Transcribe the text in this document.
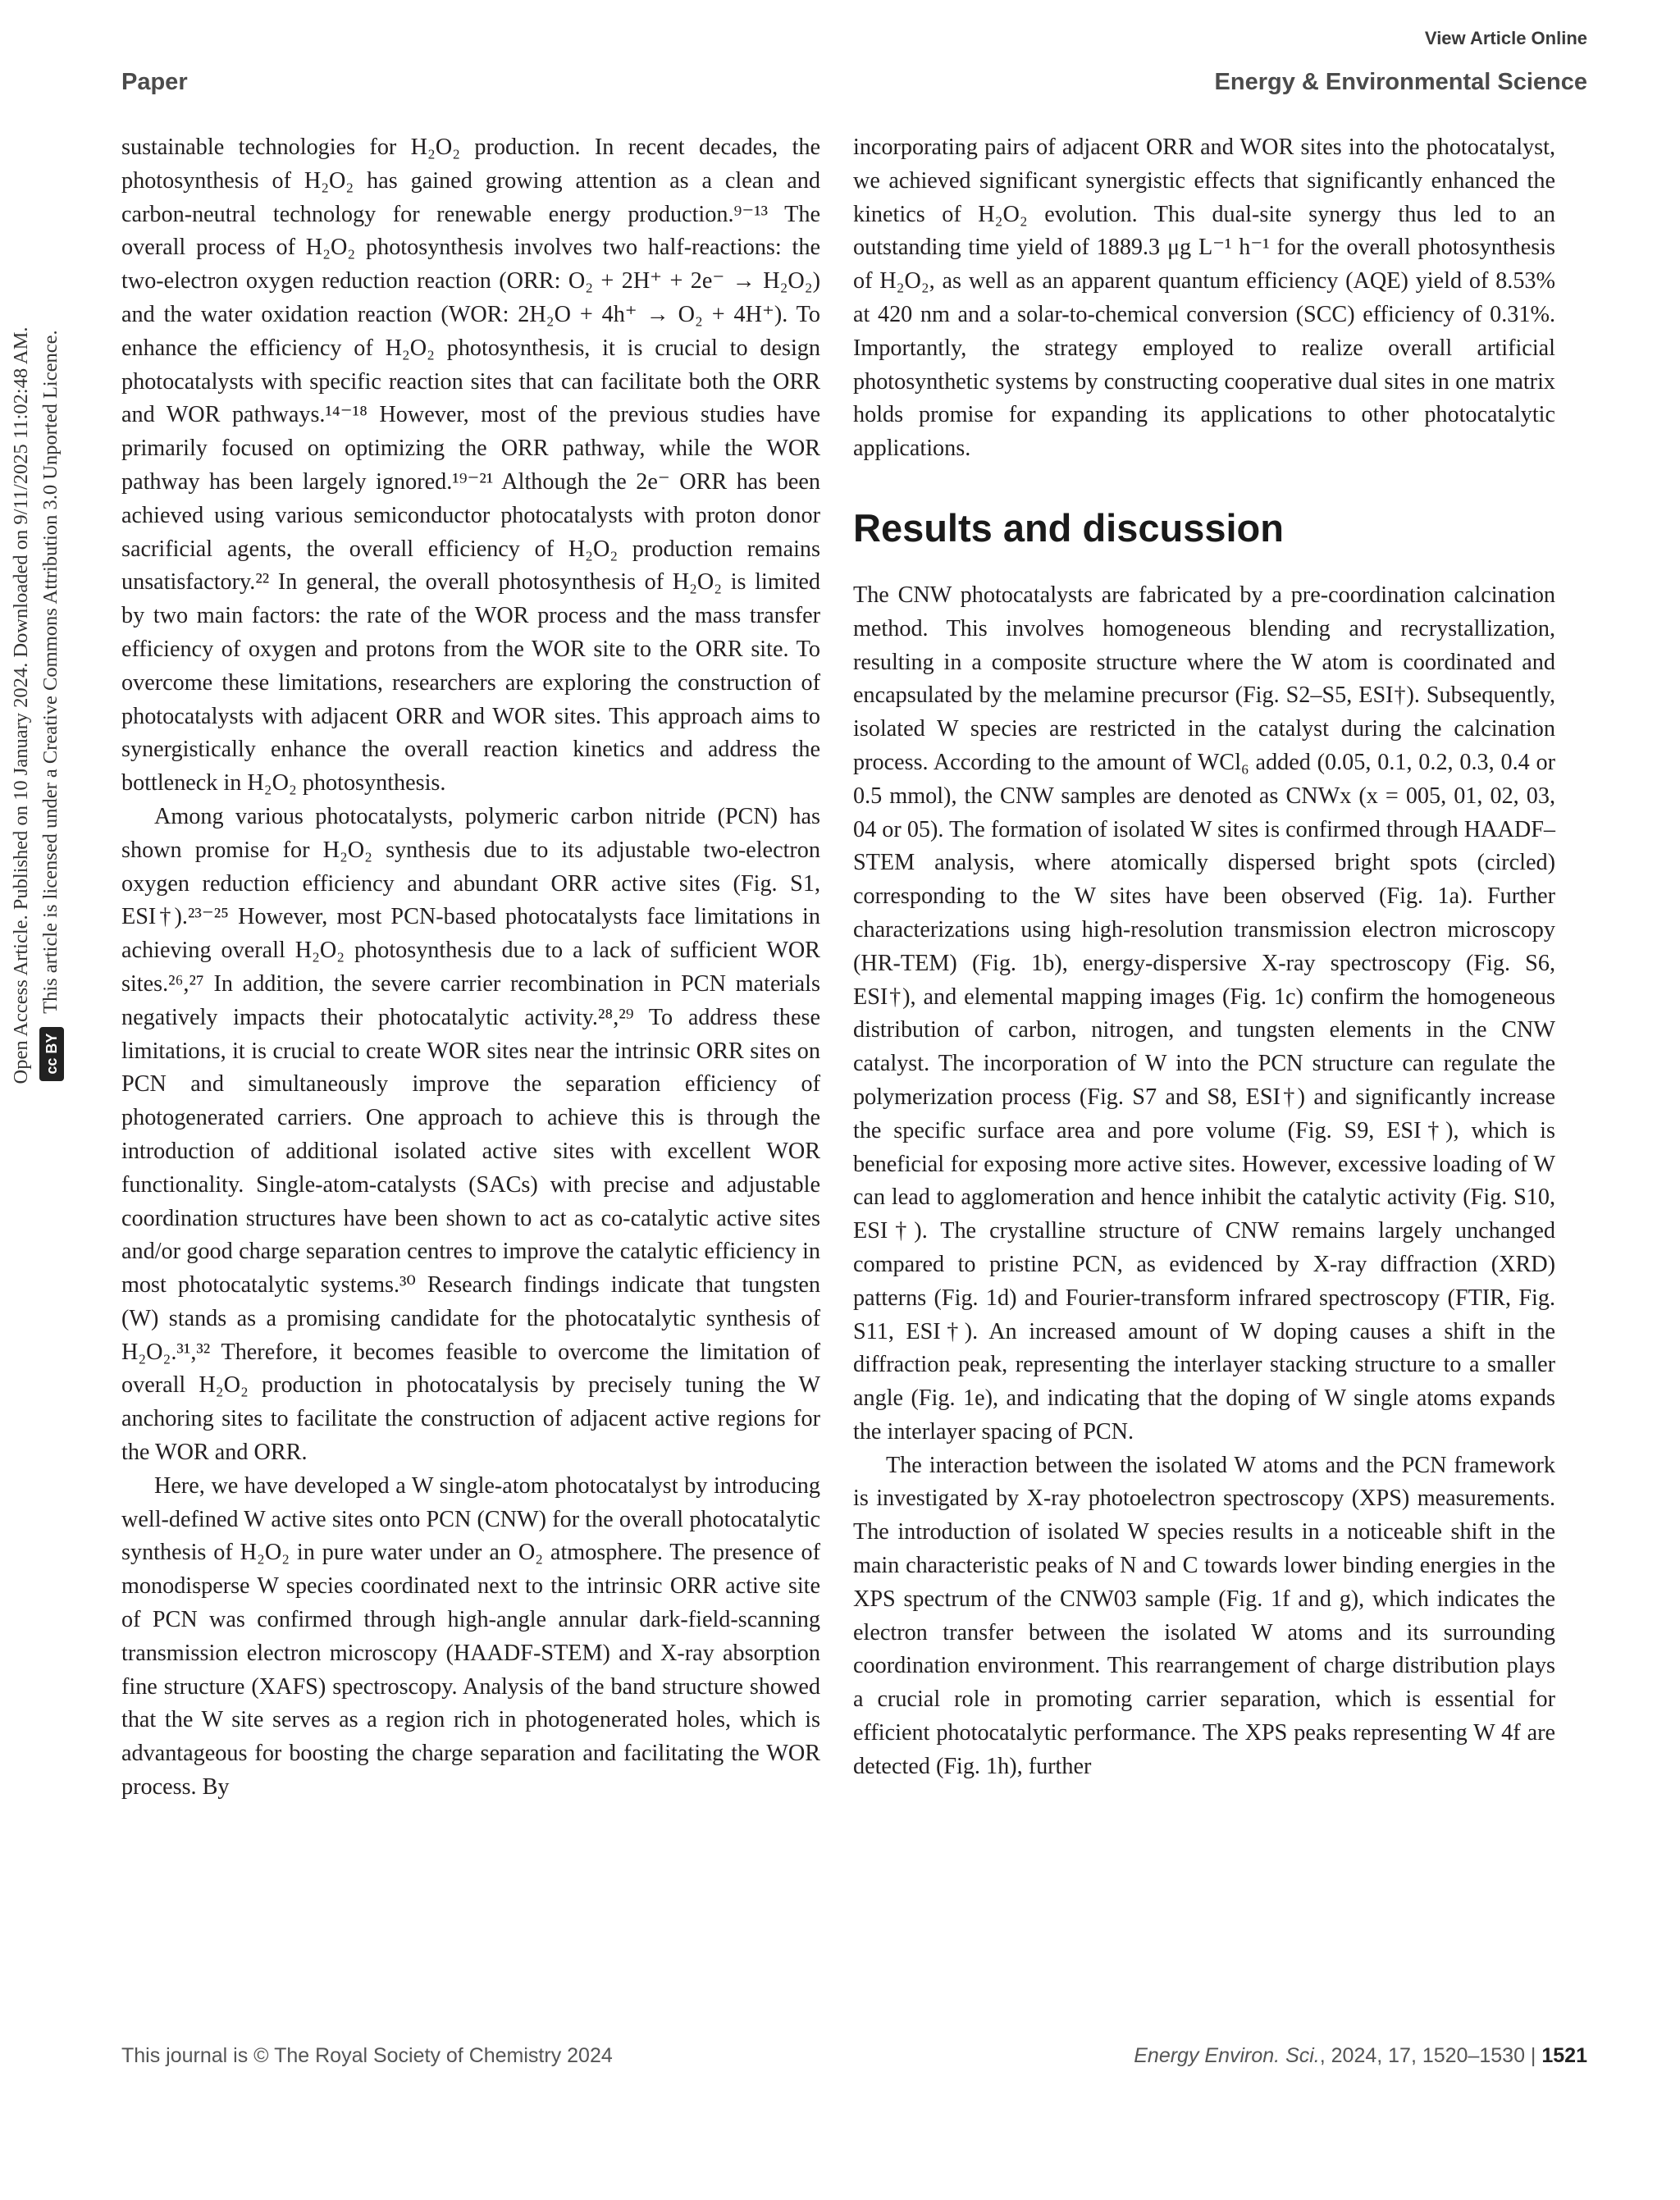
View Article Online
Paper	Energy & Environmental Science
Open Access Article. Published on 10 January 2024. Downloaded on 9/11/2025 11:02:48 AM. cc BY This article is licensed under a Creative Commons Attribution 3.0 Unported Licence.

sustainable technologies for H₂O₂ production. In recent decades, the photosynthesis of H₂O₂ has gained growing attention as a clean and carbon-neutral technology for renewable energy production.⁹⁻¹³ The overall process of H₂O₂ photosynthesis involves two half-reactions: the two-electron oxygen reduction reaction (ORR: O₂ + 2H⁺ + 2e⁻ → H₂O₂) and the water oxidation reaction (WOR: 2H₂O + 4h⁺ → O₂ + 4H⁺). To enhance the efficiency of H₂O₂ photosynthesis, it is crucial to design photocatalysts with specific reaction sites that can facilitate both the ORR and WOR pathways.¹⁴⁻¹⁸ However, most of the previous studies have primarily focused on optimizing the ORR pathway, while the WOR pathway has been largely ignored.¹⁹⁻²¹ Although the 2e⁻ ORR has been achieved using various semiconductor photocatalysts with proton donor sacrificial agents, the overall efficiency of H₂O₂ production remains unsatisfactory.²² In general, the overall photosynthesis of H₂O₂ is limited by two main factors: the rate of the WOR process and the mass transfer efficiency of oxygen and protons from the WOR site to the ORR site. To overcome these limitations, researchers are exploring the construction of photocatalysts with adjacent ORR and WOR sites. This approach aims to synergistically enhance the overall reaction kinetics and address the bottleneck in H₂O₂ photosynthesis.

Among various photocatalysts, polymeric carbon nitride (PCN) has shown promise for H₂O₂ synthesis due to its adjustable two-electron oxygen reduction efficiency and abundant ORR active sites (Fig. S1, ESI†).²³⁻²⁵ However, most PCN-based photocatalysts face limitations in achieving overall H₂O₂ photosynthesis due to a lack of sufficient WOR sites.²⁶,²⁷ In addition, the severe carrier recombination in PCN materials negatively impacts their photocatalytic activity.²⁸,²⁹ To address these limitations, it is crucial to create WOR sites near the intrinsic ORR sites on PCN and simultaneously improve the separation efficiency of photogenerated carriers. One approach to achieve this is through the introduction of additional isolated active sites with excellent WOR functionality. Single-atom-catalysts (SACs) with precise and adjustable coordination structures have been shown to act as co-catalytic active sites and/or good charge separation centres to improve the catalytic efficiency in most photocatalytic systems.³⁰ Research findings indicate that tungsten (W) stands as a promising candidate for the photocatalytic synthesis of H₂O₂.³¹,³² Therefore, it becomes feasible to overcome the limitation of overall H₂O₂ production in photocatalysis by precisely tuning the W anchoring sites to facilitate the construction of adjacent active regions for the WOR and ORR.

Here, we have developed a W single-atom photocatalyst by introducing well-defined W active sites onto PCN (CNW) for the overall photocatalytic synthesis of H₂O₂ in pure water under an O₂ atmosphere. The presence of monodisperse W species coordinated next to the intrinsic ORR active site of PCN was confirmed through high-angle annular dark-field-scanning transmission electron microscopy (HAADF-STEM) and X-ray absorption fine structure (XAFS) spectroscopy. Analysis of the band structure showed that the W site serves as a region rich in photogenerated holes, which is advantageous for boosting the charge separation and facilitating the WOR process. By

incorporating pairs of adjacent ORR and WOR sites into the photocatalyst, we achieved significant synergistic effects that significantly enhanced the kinetics of H₂O₂ evolution. This dual-site synergy thus led to an outstanding time yield of 1889.3 μg L⁻¹ h⁻¹ for the overall photosynthesis of H₂O₂, as well as an apparent quantum efficiency (AQE) yield of 8.53% at 420 nm and a solar-to-chemical conversion (SCC) efficiency of 0.31%. Importantly, the strategy employed to realize overall artificial photosynthetic systems by constructing cooperative dual sites in one matrix holds promise for expanding its applications to other photocatalytic applications.

Results and discussion

The CNW photocatalysts are fabricated by a pre-coordination calcination method. This involves homogeneous blending and recrystallization, resulting in a composite structure where the W atom is coordinated and encapsulated by the melamine precursor (Fig. S2–S5, ESI†). Subsequently, isolated W species are restricted in the catalyst during the calcination process. According to the amount of WCl₆ added (0.05, 0.1, 0.2, 0.3, 0.4 or 0.5 mmol), the CNW samples are denoted as CNWx (x = 005, 01, 02, 03, 04 or 05). The formation of isolated W sites is confirmed through HAADF–STEM analysis, where atomically dispersed bright spots (circled) corresponding to the W sites have been observed (Fig. 1a). Further characterizations using high-resolution transmission electron microscopy (HR-TEM) (Fig. 1b), energy-dispersive X-ray spectroscopy (Fig. S6, ESI†), and elemental mapping images (Fig. 1c) confirm the homogeneous distribution of carbon, nitrogen, and tungsten elements in the CNW catalyst. The incorporation of W into the PCN structure can regulate the polymerization process (Fig. S7 and S8, ESI†) and significantly increase the specific surface area and pore volume (Fig. S9, ESI†), which is beneficial for exposing more active sites. However, excessive loading of W can lead to agglomeration and hence inhibit the catalytic activity (Fig. S10, ESI†). The crystalline structure of CNW remains largely unchanged compared to pristine PCN, as evidenced by X-ray diffraction (XRD) patterns (Fig. 1d) and Fourier-transform infrared spectroscopy (FTIR, Fig. S11, ESI†). An increased amount of W doping causes a shift in the diffraction peak, representing the interlayer stacking structure to a smaller angle (Fig. 1e), and indicating that the doping of W single atoms expands the interlayer spacing of PCN.

The interaction between the isolated W atoms and the PCN framework is investigated by X-ray photoelectron spectroscopy (XPS) measurements. The introduction of isolated W species results in a noticeable shift in the main characteristic peaks of N and C towards lower binding energies in the XPS spectrum of the CNW03 sample (Fig. 1f and g), which indicates the electron transfer between the isolated W atoms and its surrounding coordination environment. This rearrangement of charge distribution plays a crucial role in promoting carrier separation, which is essential for efficient photocatalytic performance. The XPS peaks representing W 4f are detected (Fig. 1h), further

This journal is © The Royal Society of Chemistry 2024	Energy Environ. Sci., 2024, 17, 1520–1530 | 1521
